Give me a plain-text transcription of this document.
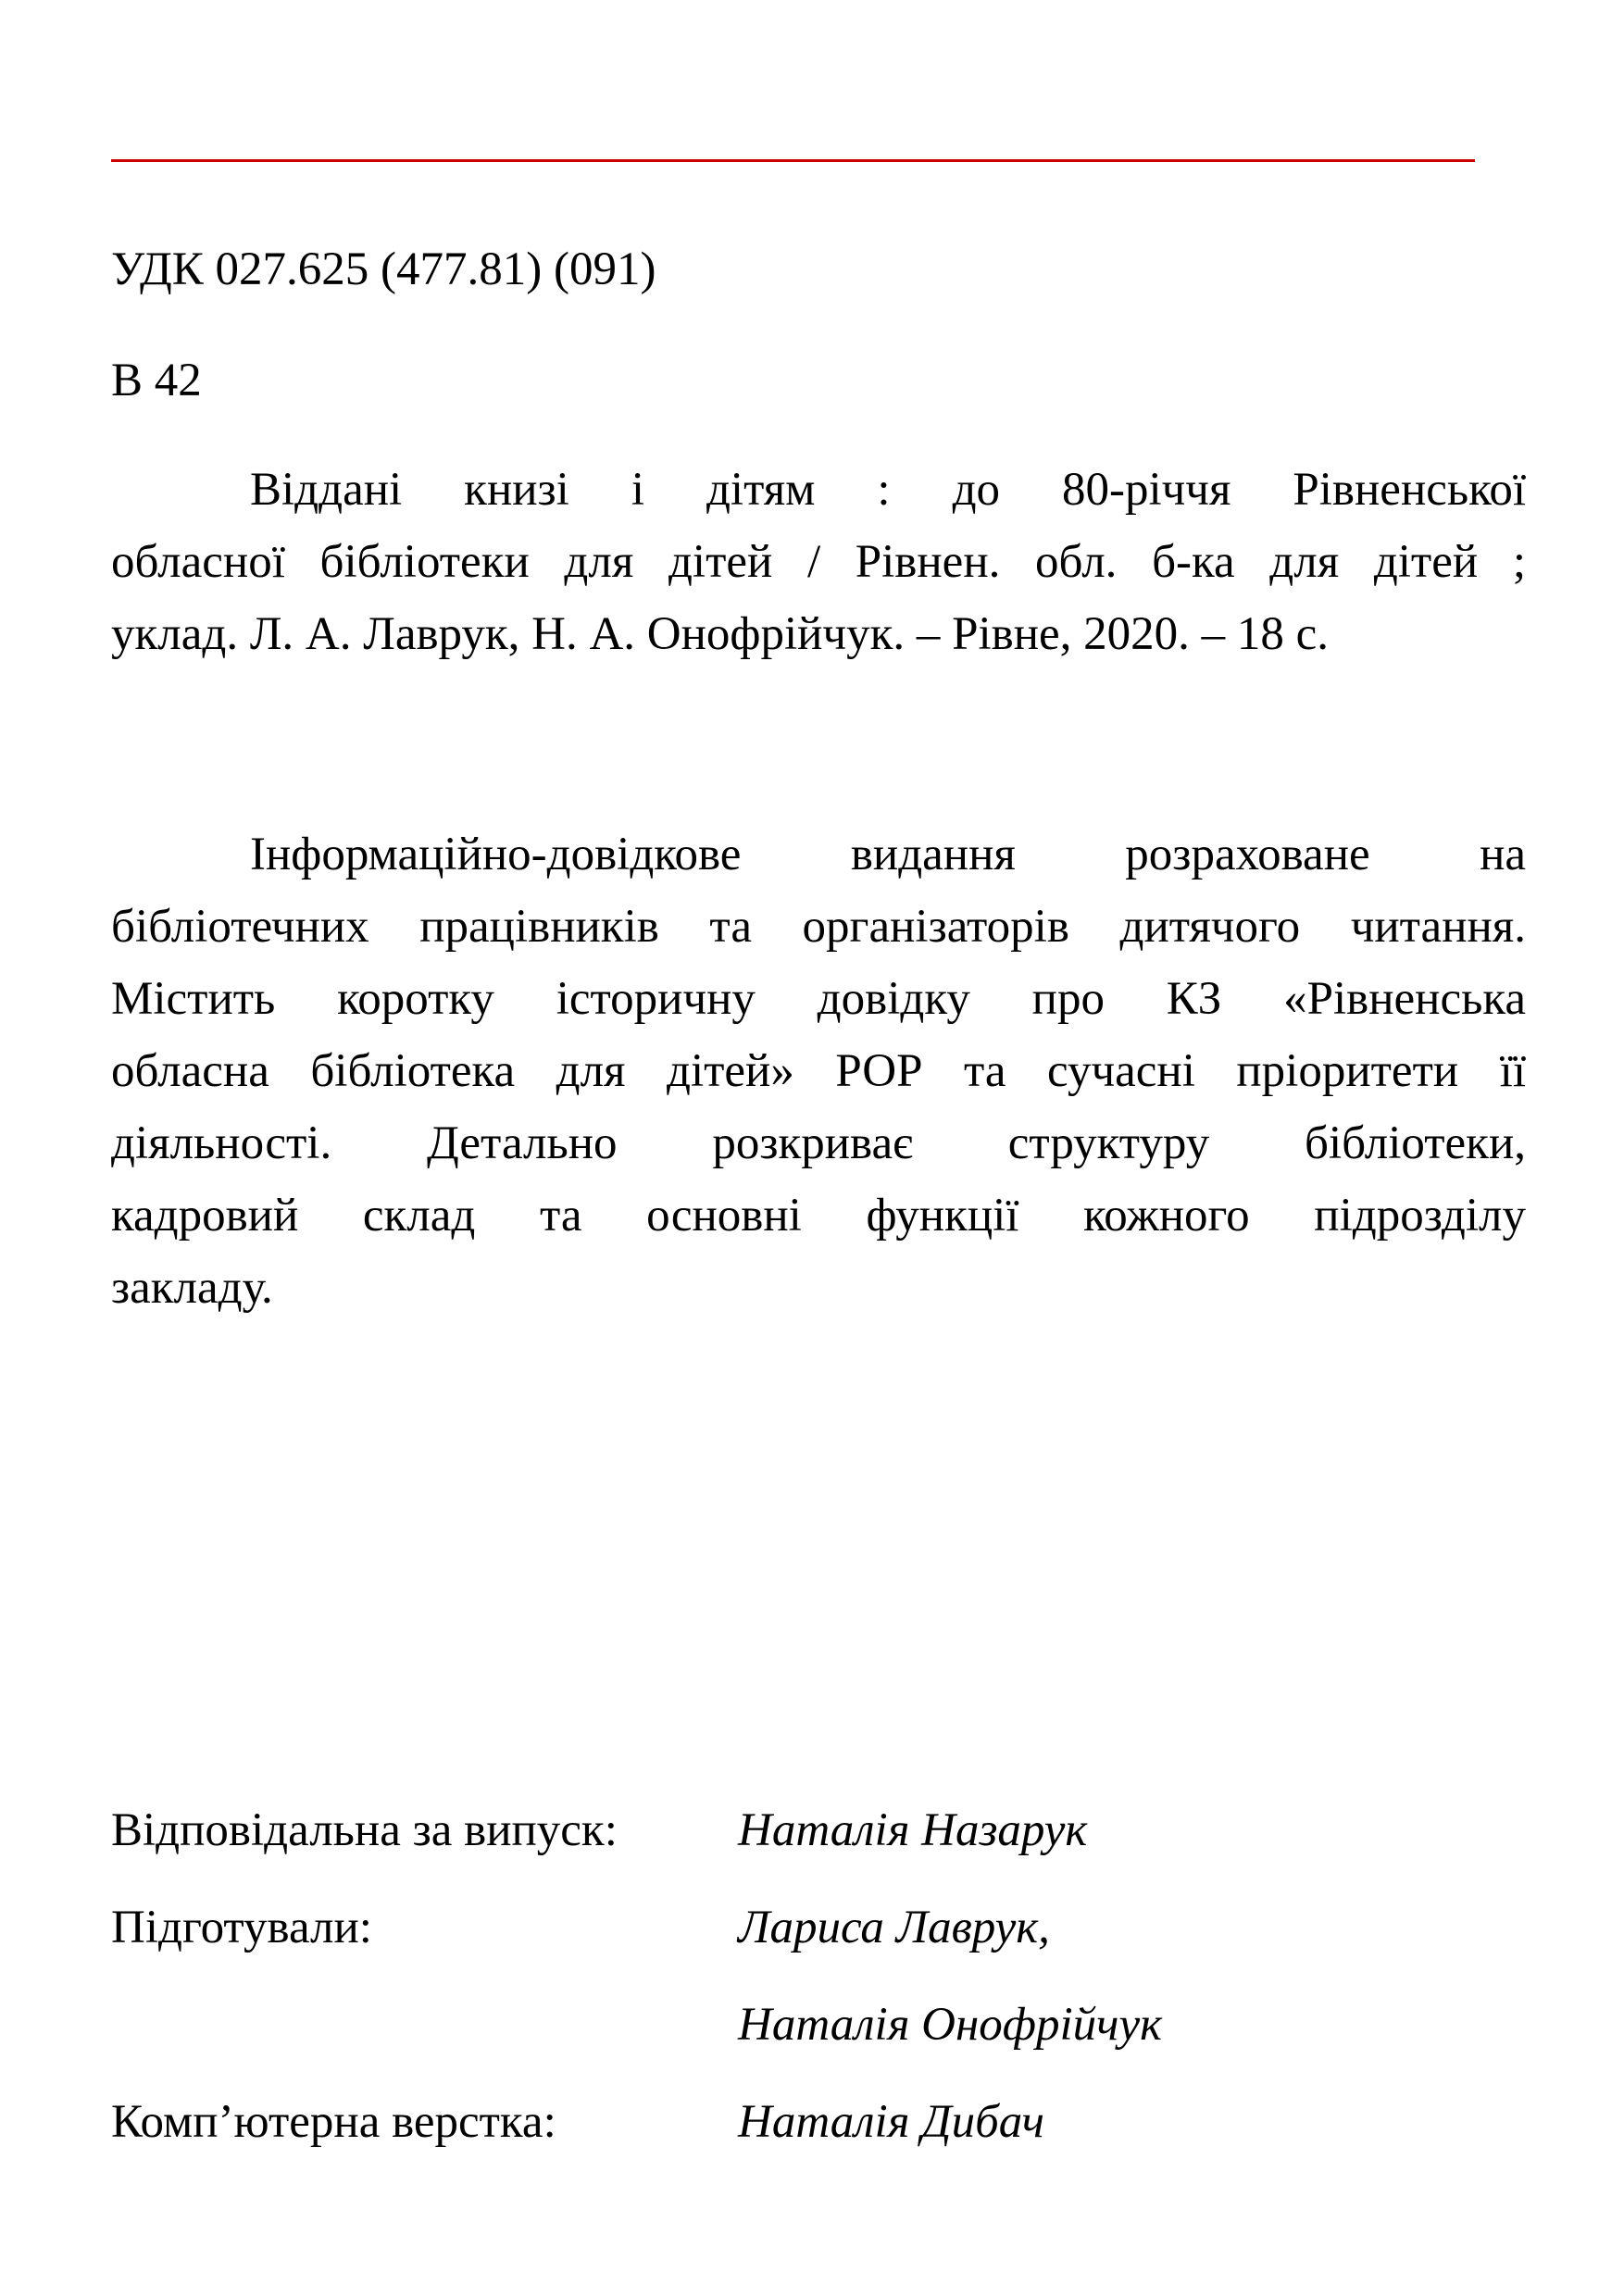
УДК 027.625 (477.81) (091)
В 42
Віддані книзі і дітям : до 80-річчя Рівненської
обласної бібліотеки для дітей / Рівнен. обл. б-ка для дітей ;
уклад. Л. А. Лаврук, Н. А. Онофрійчук. – Рівне, 2020. – 18 с.
Інформаційно-довідкове видання розраховане на
бібліотечних працівників та організаторів дитячого читання.
Містить коротку історичну довідку про КЗ «Рівненська
обласна бібліотека для дітей» РОР та сучасні пріоритети її
діяльності. Детально розкриває структуру бібліотеки,
кадровий склад та основні функції кожного підрозділу
закладу.
Відповідальна за випуск:	Наталія Назарук
Підготували:	Лариса Лаврук,
Наталія Онофрійчук
Комп’ютерна верстка:	Наталія Дибач
